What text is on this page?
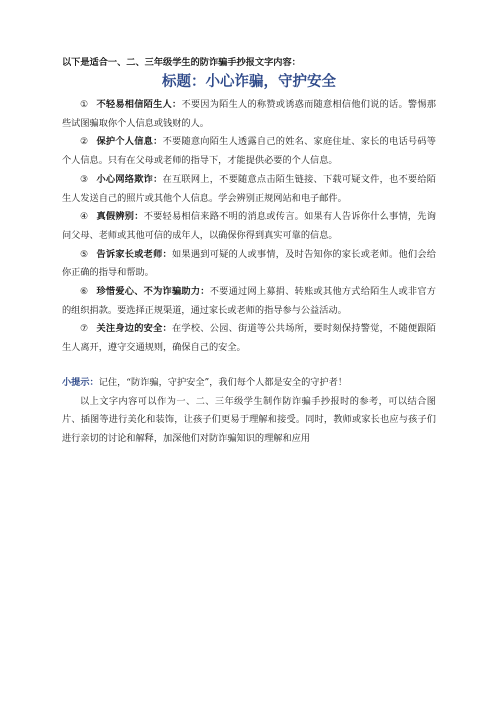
以下是适合一、二、三年级学生的防诈骗手抄报文字内容：

标题：小心诈骗，守护安全

① 不轻易相信陌生人：不要因为陌生人的称赞或诱惑而随意相信他们说的话。警惕那些试图骗取你个人信息或钱财的人。

② 保护个人信息：不要随意向陌生人透露自己的姓名、家庭住址、家长的电话号码等个人信息。只有在父母或老师的指导下，才能提供必要的个人信息。

③ 小心网络欺诈：在互联网上，不要随意点击陌生链接、下载可疑文件，也不要给陌生人发送自己的照片或其他个人信息。学会辨别正规网站和电子邮件。

④ 真假辨别：不要轻易相信来路不明的消息或传言。如果有人告诉你什么事情，先询问父母、老师或其他可信的成年人，以确保你得到真实可靠的信息。

⑤ 告诉家长或老师：如果遇到可疑的人或事情，及时告知你的家长或老师。他们会给你正确的指导和帮助。

⑥ 珍惜爱心、不为诈骗助力：不要通过网上募捐、转账或其他方式给陌生人或非官方的组织捐款。要选择正规渠道，通过家长或老师的指导参与公益活动。

⑦ 关注身边的安全：在学校、公园、街道等公共场所，要时刻保持警觉，不随便跟陌生人离开，遵守交通规则，确保自己的安全。

小提示：记住，“防诈骗，守护安全”，我们每个人都是安全的守护者！

以上文字内容可以作为一、二、三年级学生制作防诈骗手抄报时的参考，可以结合图片、插图等进行美化和装饰，让孩子们更易于理解和接受。同时，教师或家长也应与孩子们进行亲切的讨论和解释，加深他们对防诈骗知识的理解和应用
